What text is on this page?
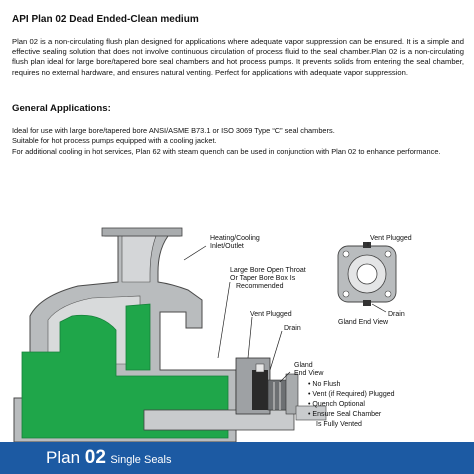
API Plan 02 Dead Ended-Clean medium
Plan 02 is a non-circulating flush plan designed for applications where adequate vapor suppression can be ensured. It is a simple and effective sealing solution that does not involve continuous circulation of process fluid to the seal chamber.Plan 02 is a non-circulating flush plan ideal for large bore/tapered bore seal chambers and hot process pumps. It prevents solids from entering the seal chamber, requires no external hardware, and ensures natural venting. Perfect for applications with adequate vapor suppression.
General Applications:
Ideal for use with large bore/tapered bore ANSI/ASME B73.1 or ISO 3069 Type “C” seal chambers.
Suitable for hot process pumps equipped with a cooling jacket.
For additional cooling in hot services, Plan 62 with steam quench can be used in conjunction with Plan 02 to enhance performance.
Heating/Cooling
Inlet/Outlet
Large Bore Open Throat
Or Taper Bore Box Is
Recommended
Vent Plugged
Drain
Gland
End View
Vent Plugged
Drain
Gland End View
• No Flush
• Vent (if Required) Plugged
• Quench Optional
• Ensure Seal Chamber
Is Fully Vented
Plan 02 Single Seals
